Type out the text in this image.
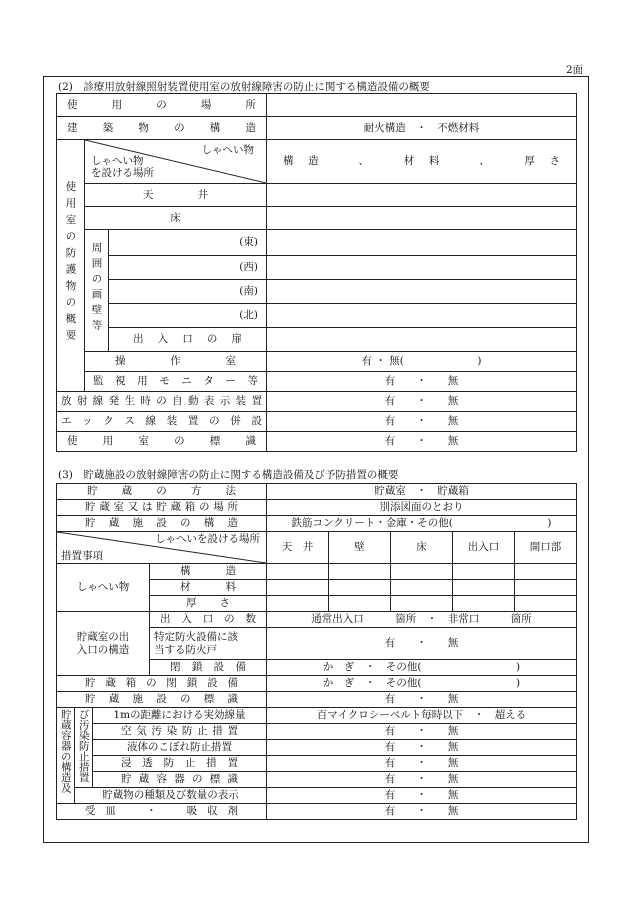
2面
(2)　診療用放射線照射装置使用室の放射線障害の防止に関する構造設備の概要
使用の場所			
建築物の構造			耐火構造　・　不燃材料
使用室の防護物の概要	しゃへい物
しゃへい物
を設ける場所		構造　、　材料　、　厚さ
	天井		
	床		
	周囲の画壁等	(東)	
		(西)	
		(南)	
		(北)	
		出入口の扉	
	操作室		有 ・ 無(　　　　　　　)
	監視用モニター等		有　　・　　無
放射線発生時の自動表示装置			有　　・　　無
エックス線装置の併設			有　　・　　無
使用室の標識			有　　・　　無
(3)　貯蔵施設の放射線障害の防止に関する構造設備及び予防措置の概要
貯蔵の方法				貯蔵室　・　貯蔵箱				
貯蔵室又は貯蔵箱の場所				別添図面のとおり				
貯蔵施設の構造				鉄筋コンクリート・金庫・その他(　　　　　　　　　)				

しゃへいを設ける場所
措置事項				天　井	壁	床	出入口	開口部
しゃへい物			構造					
			材料					
			厚さ					
貯蔵室の出
入口の構造			出入口の数	通常出入口　　　箇所　・　非常口　　　箇所				
			特定防火設備に該
当する防火戸	有　　・　　無				

			閉鎖設備	か　ぎ　・　その他(　　　　　　　　　)				
貯蔵箱の閉鎖設備				か　ぎ　・　その他(　　　　　　　　　)				
貯蔵施設の標識				有　　・　　無				
貯蔵容器の構造及	び汚染防止措置	1mの距離における実効線量		百マイクロシーベルト毎時以下　・　超える				
		空気汚染防止措置		有　　・　　無				
		液体のこぼれ防止措置		有　　・　　無				
		浸透防止措置		有　　・　　無				
		貯蔵容器の標識		有　　・　　無				
	貯蔵物の種類及び数量の表示			有　　・　　無				
受皿　・　吸収剤				有　　・　　無				
